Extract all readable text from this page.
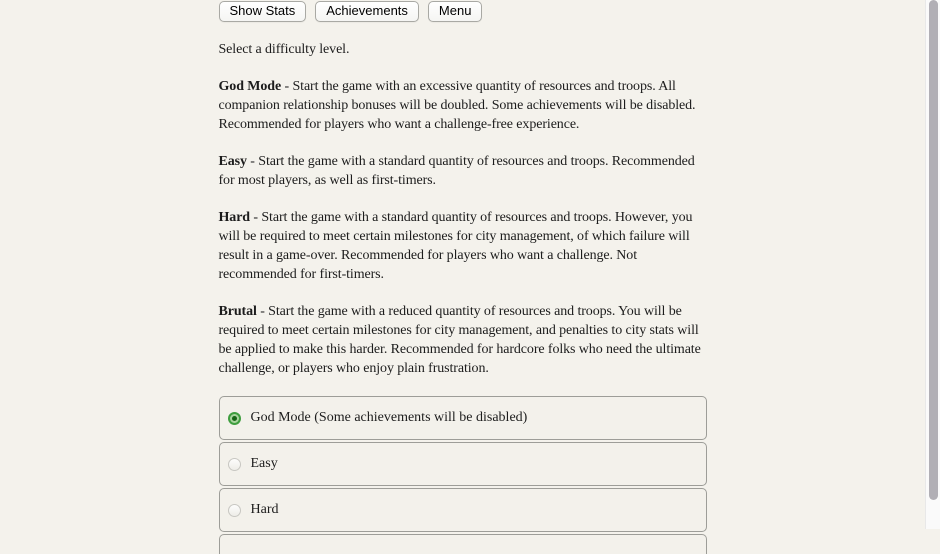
Show Stats	Achievements	Menu

Select a difficulty level.

God Mode - Start the game with an excessive quantity of resources and troops. All companion relationship bonuses will be doubled. Some achievements will be disabled. Recommended for players who want a challenge-free experience.

Easy - Start the game with a standard quantity of resources and troops. Recommended for most players, as well as first-timers.

Hard - Start the game with a standard quantity of resources and troops. However, you will be required to meet certain milestones for city management, of which failure will result in a game-over. Recommended for players who want a challenge. Not recommended for first-timers.

Brutal - Start the game with a reduced quantity of resources and troops. You will be required to meet certain milestones for city management, and penalties to city stats will be applied to make this harder. Recommended for hardcore folks who need the ultimate challenge, or players who enjoy plain frustration.

God Mode (Some achievements will be disabled)
Easy
Hard
